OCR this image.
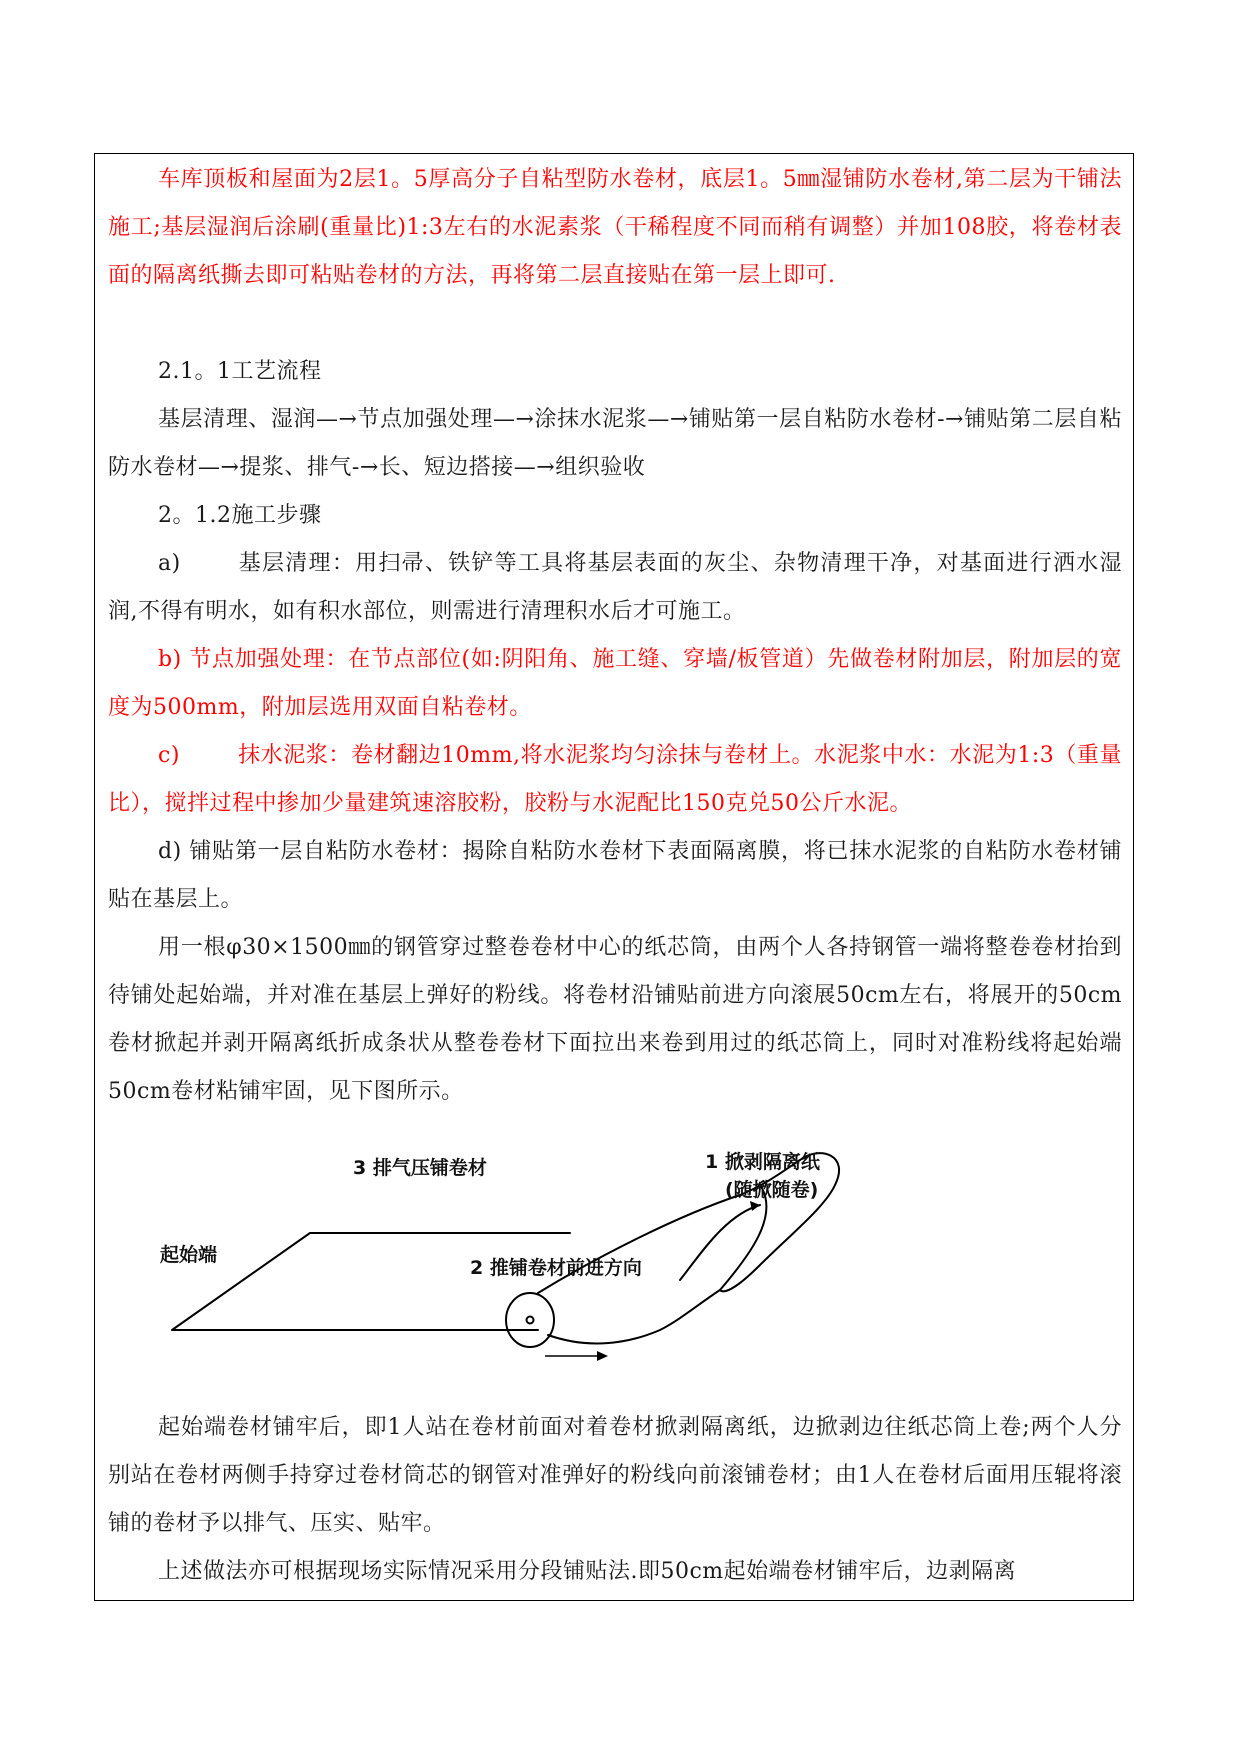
车库顶板和屋面为2层1。5厚高分子自粘型防水卷材，底层1。5㎜湿铺防水卷材,第二层为干铺法施工;基层湿润后涂刷(重量比)1:3左右的水泥素浆（干稀程度不同而稍有调整）并加108胶，将卷材表面的隔离纸撕去即可粘贴卷材的方法，再将第二层直接贴在第一层上即可.

2.1。1工艺流程

基层清理、湿润—→节点加强处理—→涂抹水泥浆—→铺贴第一层自粘防水卷材-→铺贴第二层自粘防水卷材—→提浆、排气-→长、短边搭接—→组织验收

2。1.2施工步骤

a)	基层清理：用扫帚、铁铲等工具将基层表面的灰尘、杂物清理干净，对基面进行洒水湿润,不得有明水，如有积水部位，则需进行清理积水后才可施工。

b) 节点加强处理：在节点部位(如:阴阳角、施工缝、穿墙/板管道）先做卷材附加层，附加层的宽度为500mm，附加层选用双面自粘卷材。

c)	抹水泥浆：卷材翻边10mm,将水泥浆均匀涂抹与卷材上。水泥浆中水：水泥为1:3（重量比），搅拌过程中掺加少量建筑速溶胶粉，胶粉与水泥配比150克兑50公斤水泥。

d) 铺贴第一层自粘防水卷材：揭除自粘防水卷材下表面隔离膜，将已抹水泥浆的自粘防水卷材铺贴在基层上。

用一根φ30×1500㎜的钢管穿过整卷卷材中心的纸芯筒，由两个人各持钢管一端将整卷卷材抬到待铺处起始端，并对准在基层上弹好的粉线。将卷材沿铺贴前进方向滚展50cm左右，将展开的50cm卷材掀起并剥开隔离纸折成条状从整卷卷材下面拉出来卷到用过的纸芯筒上，同时对准粉线将起始端50cm卷材粘铺牢固，见下图所示。

3 排气压铺卷材	1 掀剥隔离纸
(随掀随卷)
起始端
2 推铺卷材前进方向

起始端卷材铺牢后，即1人站在卷材前面对着卷材掀剥隔离纸，边掀剥边往纸芯筒上卷;两个人分别站在卷材两侧手持穿过卷材筒芯的钢管对准弹好的粉线向前滚铺卷材；由1人在卷材后面用压辊将滚铺的卷材予以排气、压实、贴牢。

上述做法亦可根据现场实际情况采用分段铺贴法.即50cm起始端卷材铺牢后，边剥隔离
